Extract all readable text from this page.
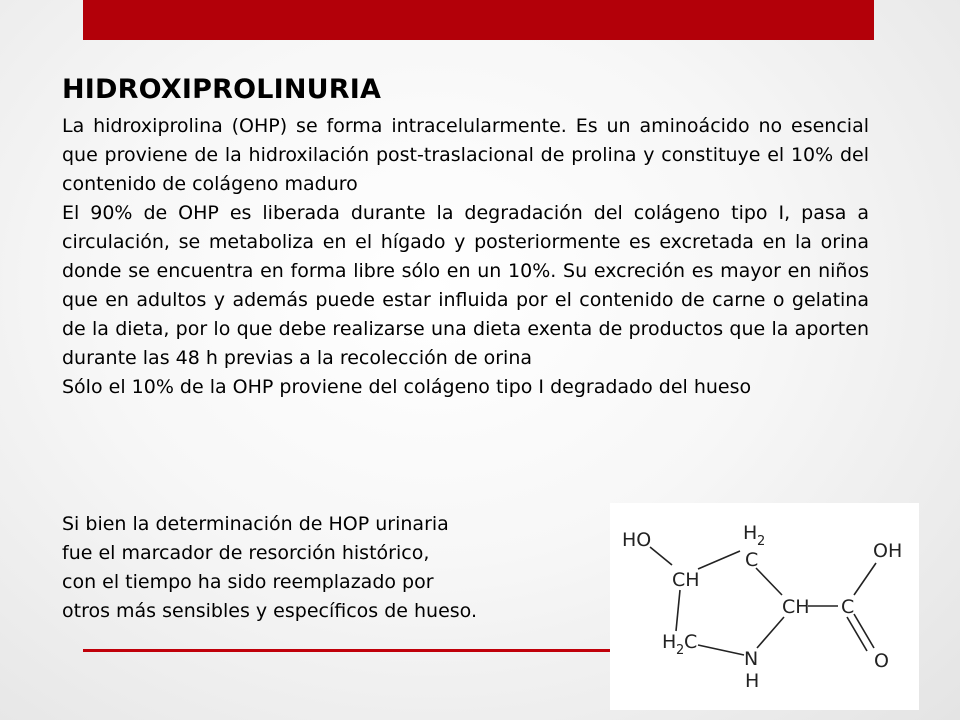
HIDROXIPROLINURIA

La hidroxiprolina (OHP) se forma intracelularmente. Es un aminoácido no esencial que proviene de la hidroxilación post-traslacional de prolina y constituye el 10% del contenido de colágeno maduro

El 90% de OHP es liberada durante la degradación del colágeno tipo I, pasa a circulación, se metaboliza en el hígado y posteriormente es excretada en la orina donde se encuentra en forma libre sólo en un 10%. Su excreción es mayor en niños que en adultos y además puede estar influida por el contenido de carne o gelatina de la dieta, por lo que debe realizarse una dieta exenta de productos que la aporten durante las 48 h previas a la recolección de orina

Sólo el 10% de la OHP proviene del colágeno tipo I degradado del hueso

Si bien la determinación de HOP urinaria
fue el marcador de resorción histórico,
con el tiempo ha sido reemplazado por
otros más sensibles y específicos de hueso.
HO	H 2
C
CH
CH C
OH
O
H 2 C
N
H
